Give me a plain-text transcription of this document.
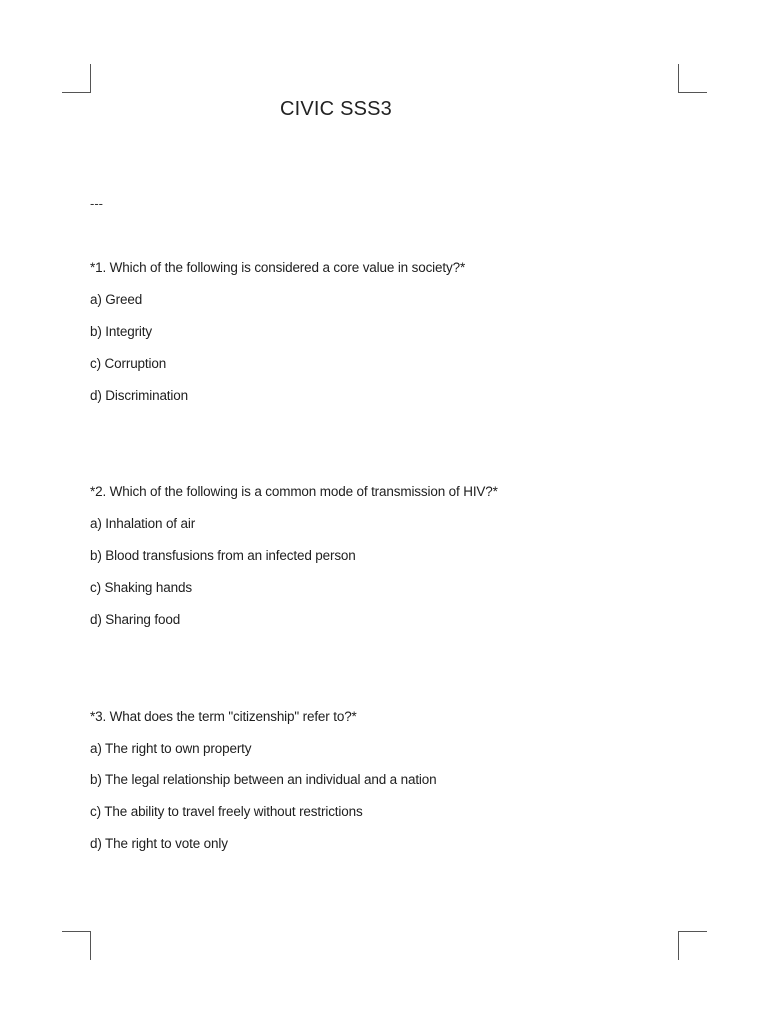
CIVIC SSS3
---
*1. Which of the following is considered a core value in society?*
a) Greed
b) Integrity
c) Corruption
d) Discrimination
*2. Which of the following is a common mode of transmission of HIV?*
a) Inhalation of air
b) Blood transfusions from an infected person
c) Shaking hands
d) Sharing food
*3. What does the term "citizenship" refer to?*
a) The right to own property
b) The legal relationship between an individual and a nation
c) The ability to travel freely without restrictions
d) The right to vote only
